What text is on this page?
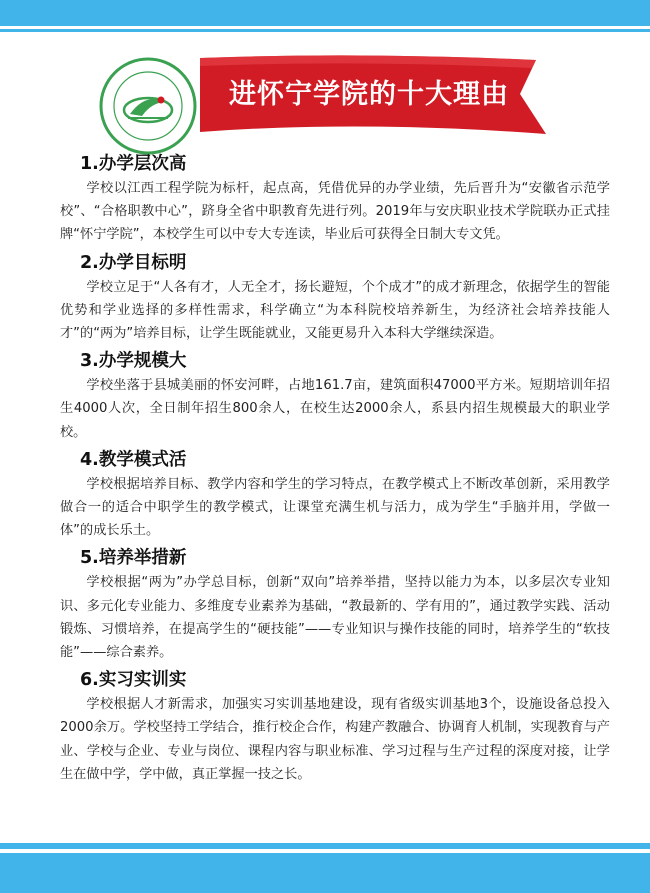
进怀宁学院的十大理由
1.办学层次高

学校以江西工程学院为标杆，起点高，凭借优异的办学业绩，先后晋升为“安徽省示范学校”、“合格职教中心”，跻身全省中职教育先进行列。2019年与安庆职业技术学院联办正式挂牌“怀宁学院”，本校学生可以中专大专连读，毕业后可获得全日制大专文凭。

2.办学目标明

学校立足于“人各有才，人无全才，扬长避短，个个成才”的成才新理念，依据学生的智能优势和学业选择的多样性需求，科学确立“为本科院校培养新生，为经济社会培养技能人才”的“两为”培养目标，让学生既能就业，又能更易升入本科大学继续深造。

3.办学规模大

学校坐落于县城美丽的怀安河畔，占地161.7亩，建筑面积47000平方米。短期培训年招生4000人次，全日制年招生800余人，在校生达2000余人，系县内招生规模最大的职业学校。

4.教学模式活

学校根据培养目标、教学内容和学生的学习特点，在教学模式上不断改革创新，采用教学做合一的适合中职学生的教学模式，让课堂充满生机与活力，成为学生“手脑并用，学做一体”的成长乐土。

5.培养举措新

学校根据“两为”办学总目标，创新“双向”培养举措，坚持以能力为本，以多层次专业知识、多元化专业能力、多维度专业素养为基础，“教最新的、学有用的”，通过教学实践、活动锻炼、习惯培养，在提高学生的“硬技能”——专业知识与操作技能的同时，培养学生的“软技能”——综合素养。

6.实习实训实

学校根据人才新需求，加强实习实训基地建设，现有省级实训基地3个，设施设备总投入2000余万。学校坚持工学结合，推行校企合作，构建产教融合、协调育人机制，实现教育与产业、学校与企业、专业与岗位、课程内容与职业标准、学习过程与生产过程的深度对接，让学生在做中学，学中做，真正掌握一技之长。
